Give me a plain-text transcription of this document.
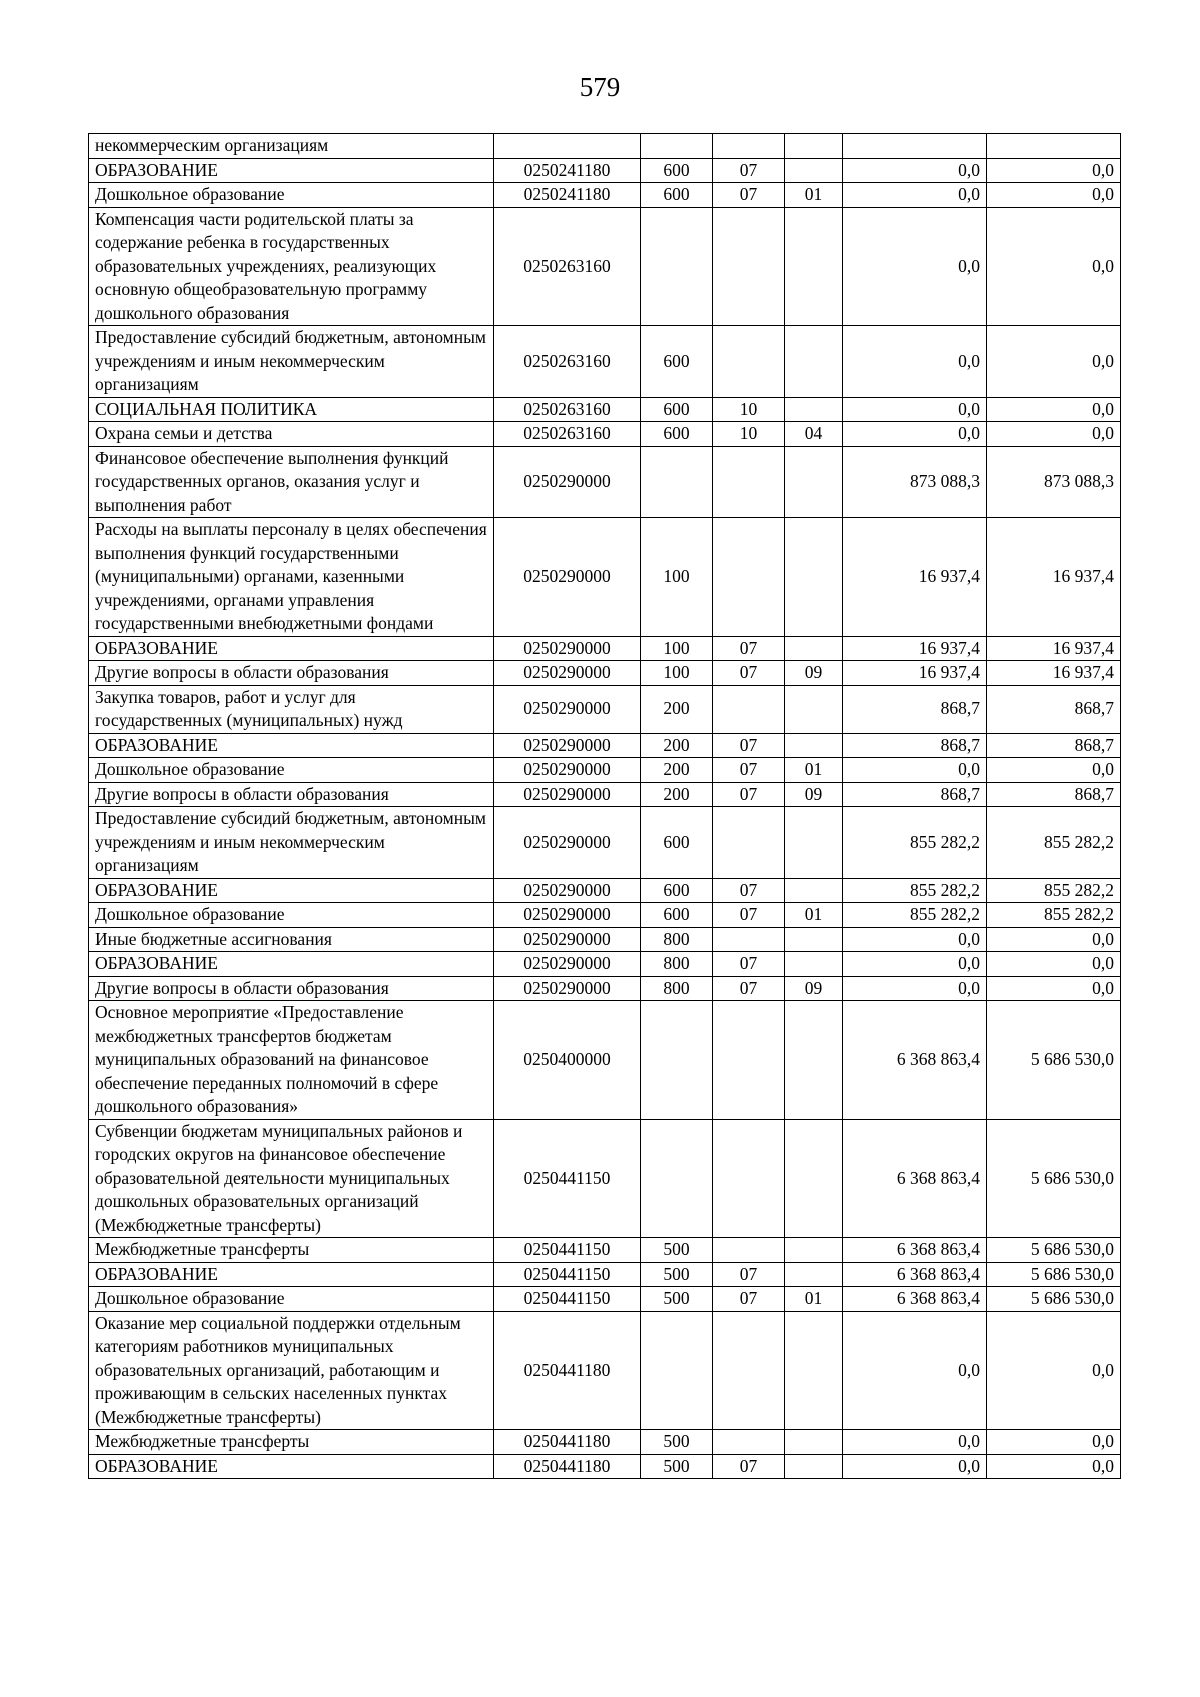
579
некоммерческим организациям						
ОБРАЗОВАНИЕ	0250241180	600	07		0,0	0,0
Дошкольное образование	0250241180	600	07	01	0,0	0,0
Компенсация части родительской платы за содержание ребенка в государственных образовательных учреждениях, реализующих основную общеобразовательную программу дошкольного образования	0250263160				0,0	0,0
Предоставление субсидий бюджетным, автономным учреждениям и иным некоммерческим организациям	0250263160	600			0,0	0,0
СОЦИАЛЬНАЯ ПОЛИТИКА	0250263160	600	10		0,0	0,0
Охрана семьи и детства	0250263160	600	10	04	0,0	0,0
Финансовое обеспечение выполнения функций государственных органов, оказания услуг и выполнения работ	0250290000				873 088,3	873 088,3
Расходы на выплаты персоналу в целях обеспечения выполнения функций государственными (муниципальными) органами, казенными учреждениями, органами управления государственными внебюджетными фондами	0250290000	100			16 937,4	16 937,4
ОБРАЗОВАНИЕ	0250290000	100	07		16 937,4	16 937,4
Другие вопросы в области образования	0250290000	100	07	09	16 937,4	16 937,4
Закупка товаров, работ и услуг для государственных (муниципальных) нужд	0250290000	200			868,7	868,7
ОБРАЗОВАНИЕ	0250290000	200	07		868,7	868,7
Дошкольное образование	0250290000	200	07	01	0,0	0,0
Другие вопросы в области образования	0250290000	200	07	09	868,7	868,7
Предоставление субсидий бюджетным, автономным учреждениям и иным некоммерческим организациям	0250290000	600			855 282,2	855 282,2
ОБРАЗОВАНИЕ	0250290000	600	07		855 282,2	855 282,2
Дошкольное образование	0250290000	600	07	01	855 282,2	855 282,2
Иные бюджетные ассигнования	0250290000	800			0,0	0,0
ОБРАЗОВАНИЕ	0250290000	800	07		0,0	0,0
Другие вопросы в области образования	0250290000	800	07	09	0,0	0,0
Основное мероприятие «Предоставление межбюджетных трансфертов бюджетам муниципальных образований на финансовое обеспечение переданных полномочий в сфере дошкольного образования»	0250400000				6 368 863,4	5 686 530,0
Субвенции бюджетам муниципальных районов и городских округов на финансовое обеспечение образовательной деятельности муниципальных дошкольных образовательных организаций (Межбюджетные трансферты)	0250441150				6 368 863,4	5 686 530,0
Межбюджетные трансферты	0250441150	500			6 368 863,4	5 686 530,0
ОБРАЗОВАНИЕ	0250441150	500	07		6 368 863,4	5 686 530,0
Дошкольное образование	0250441150	500	07	01	6 368 863,4	5 686 530,0
Оказание мер социальной поддержки отдельным категориям работников муниципальных образовательных организаций, работающим и проживающим в сельских населенных пунктах (Межбюджетные трансферты)	0250441180				0,0	0,0
Межбюджетные трансферты	0250441180	500			0,0	0,0
ОБРАЗОВАНИЕ	0250441180	500	07		0,0	0,0
